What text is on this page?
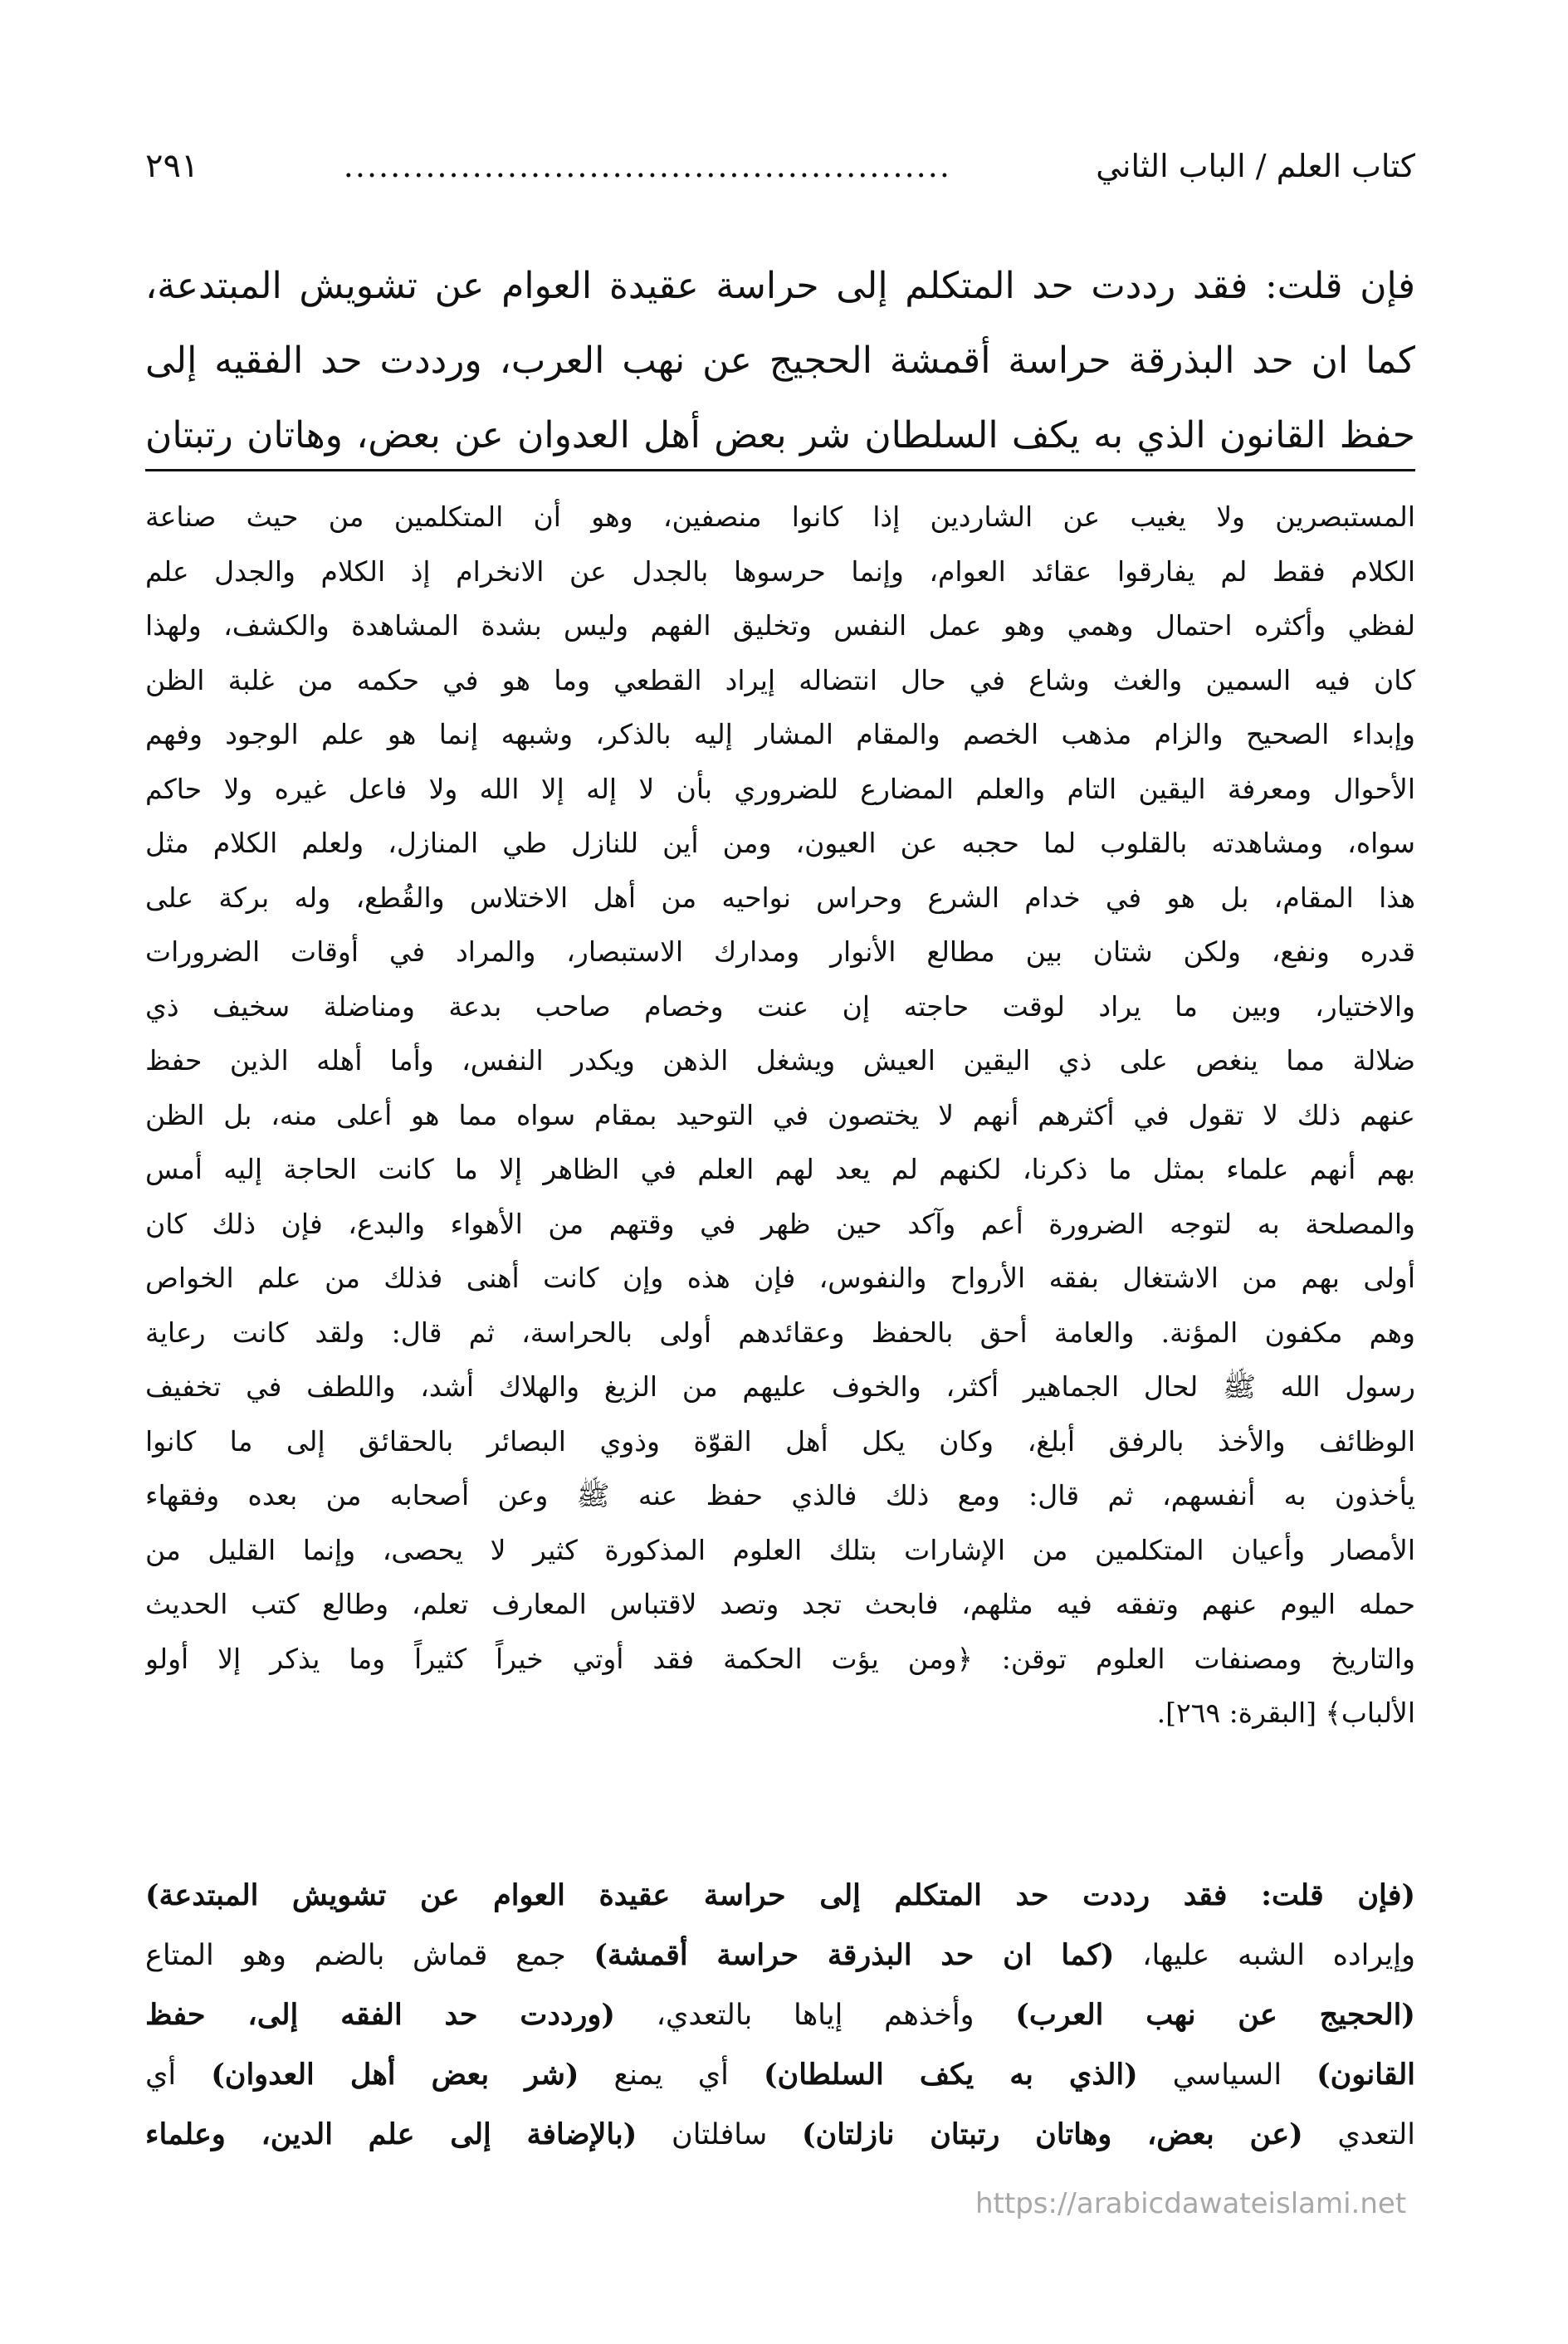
كتاب العلم / الباب الثاني
....................................................
٢٩١

فإن قلت: فقد رددت حد المتكلم إلى حراسة عقيدة العوام عن تشويش المبتدعة،

كما ان حد البذرقة حراسة أقمشة الحجيج عن نهب العرب، ورددت حد الفقيه إلى

حفظ القانون الذي به يكف السلطان شر بعض أهل العدوان عن بعض، وهاتان رتبتان

المستبصرين ولا يغيب عن الشاردين إذا كانوا منصفين، وهو أن المتكلمين من حيث صناعة
الكلام فقط لم يفارقوا عقائد العوام، وإنما حرسوها بالجدل عن الانخرام إذ الكلام والجدل علم
لفظي وأكثره احتمال وهمي وهو عمل النفس وتخليق الفهم وليس بشدة المشاهدة والكشف، ولهذا
كان فيه السمين والغث وشاع في حال انتضاله إيراد القطعي وما هو في حكمه من غلبة الظن
وإبداء الصحيح والزام مذهب الخصم والمقام المشار إليه بالذكر، وشبهه إنما هو علم الوجود وفهم
الأحوال ومعرفة اليقين التام والعلم المضارع للضروري بأن لا إله إلا الله ولا فاعل غيره ولا حاكم
سواه، ومشاهدته بالقلوب لما حجبه عن العيون، ومن أين للنازل طي المنازل، ولعلم الكلام مثل
هذا المقام، بل هو في خدام الشرع وحراس نواحيه من أهل الاختلاس والقُطع، وله بركة على
قدره ونفع، ولكن شتان بين مطالع الأنوار ومدارك الاستبصار، والمراد في أوقات الضرورات
والاختيار، وبين ما يراد لوقت حاجته إن عنت وخصام صاحب بدعة ومناضلة سخيف ذي
ضلالة مما ينغص على ذي اليقين العيش ويشغل الذهن ويكدر النفس، وأما أهله الذين حفظ
عنهم ذلك لا تقول في أكثرهم أنهم لا يختصون في التوحيد بمقام سواه مما هو أعلى منه، بل الظن
بهم أنهم علماء بمثل ما ذكرنا، لكنهم لم يعد لهم العلم في الظاهر إلا ما كانت الحاجة إليه أمس
والمصلحة به لتوجه الضرورة أعم وآكد حين ظهر في وقتهم من الأهواء والبدع، فإن ذلك كان
أولى بهم من الاشتغال بفقه الأرواح والنفوس، فإن هذه وإن كانت أهنى فذلك من علم الخواص
وهم مكفون المؤنة. والعامة أحق بالحفظ وعقائدهم أولى بالحراسة، ثم قال: ولقد كانت رعاية
رسول الله ﷺ لحال الجماهير أكثر، والخوف عليهم من الزيغ والهلاك أشد، واللطف في تخفيف
الوظائف والأخذ بالرفق أبلغ، وكان يكل أهل القوّة وذوي البصائر بالحقائق إلى ما كانوا
يأخذون به أنفسهم، ثم قال: ومع ذلك فالذي حفظ عنه ﷺ وعن أصحابه من بعده وفقهاء
الأمصار وأعيان المتكلمين من الإشارات بتلك العلوم المذكورة كثير لا يحصى، وإنما القليل من
حمله اليوم عنهم وتفقه فيه مثلهم، فابحث تجد وتصد لاقتباس المعارف تعلم، وطالع كتب الحديث
والتاريخ ومصنفات العلوم توقن: ﴿ومن يؤت الحكمة فقد أوتي خيراً كثيراً وما يذكر إلا أولو
الألباب﴾ [البقرة: ٢٦٩].
(فإن قلت: فقد رددت حد المتكلم إلى حراسة عقيدة العوام عن تشويش المبتدعة)
وإيراده الشبه عليها، (كما ان حد البذرقة حراسة أقمشة) جمع قماش بالضم وهو المتاع
(الحجيج عن نهب العرب) وأخذهم إياها بالتعدي، (ورددت حد الفقه إلى، حفظ
القانون) السياسي (الذي به يكف السلطان) أي يمنع (شر بعض أهل العدوان) أي
التعدي (عن بعض، وهاتان رتبتان نازلتان) سافلتان (بالإضافة إلى علم الدين، وعلماء
https://arabicdawateislami.net
